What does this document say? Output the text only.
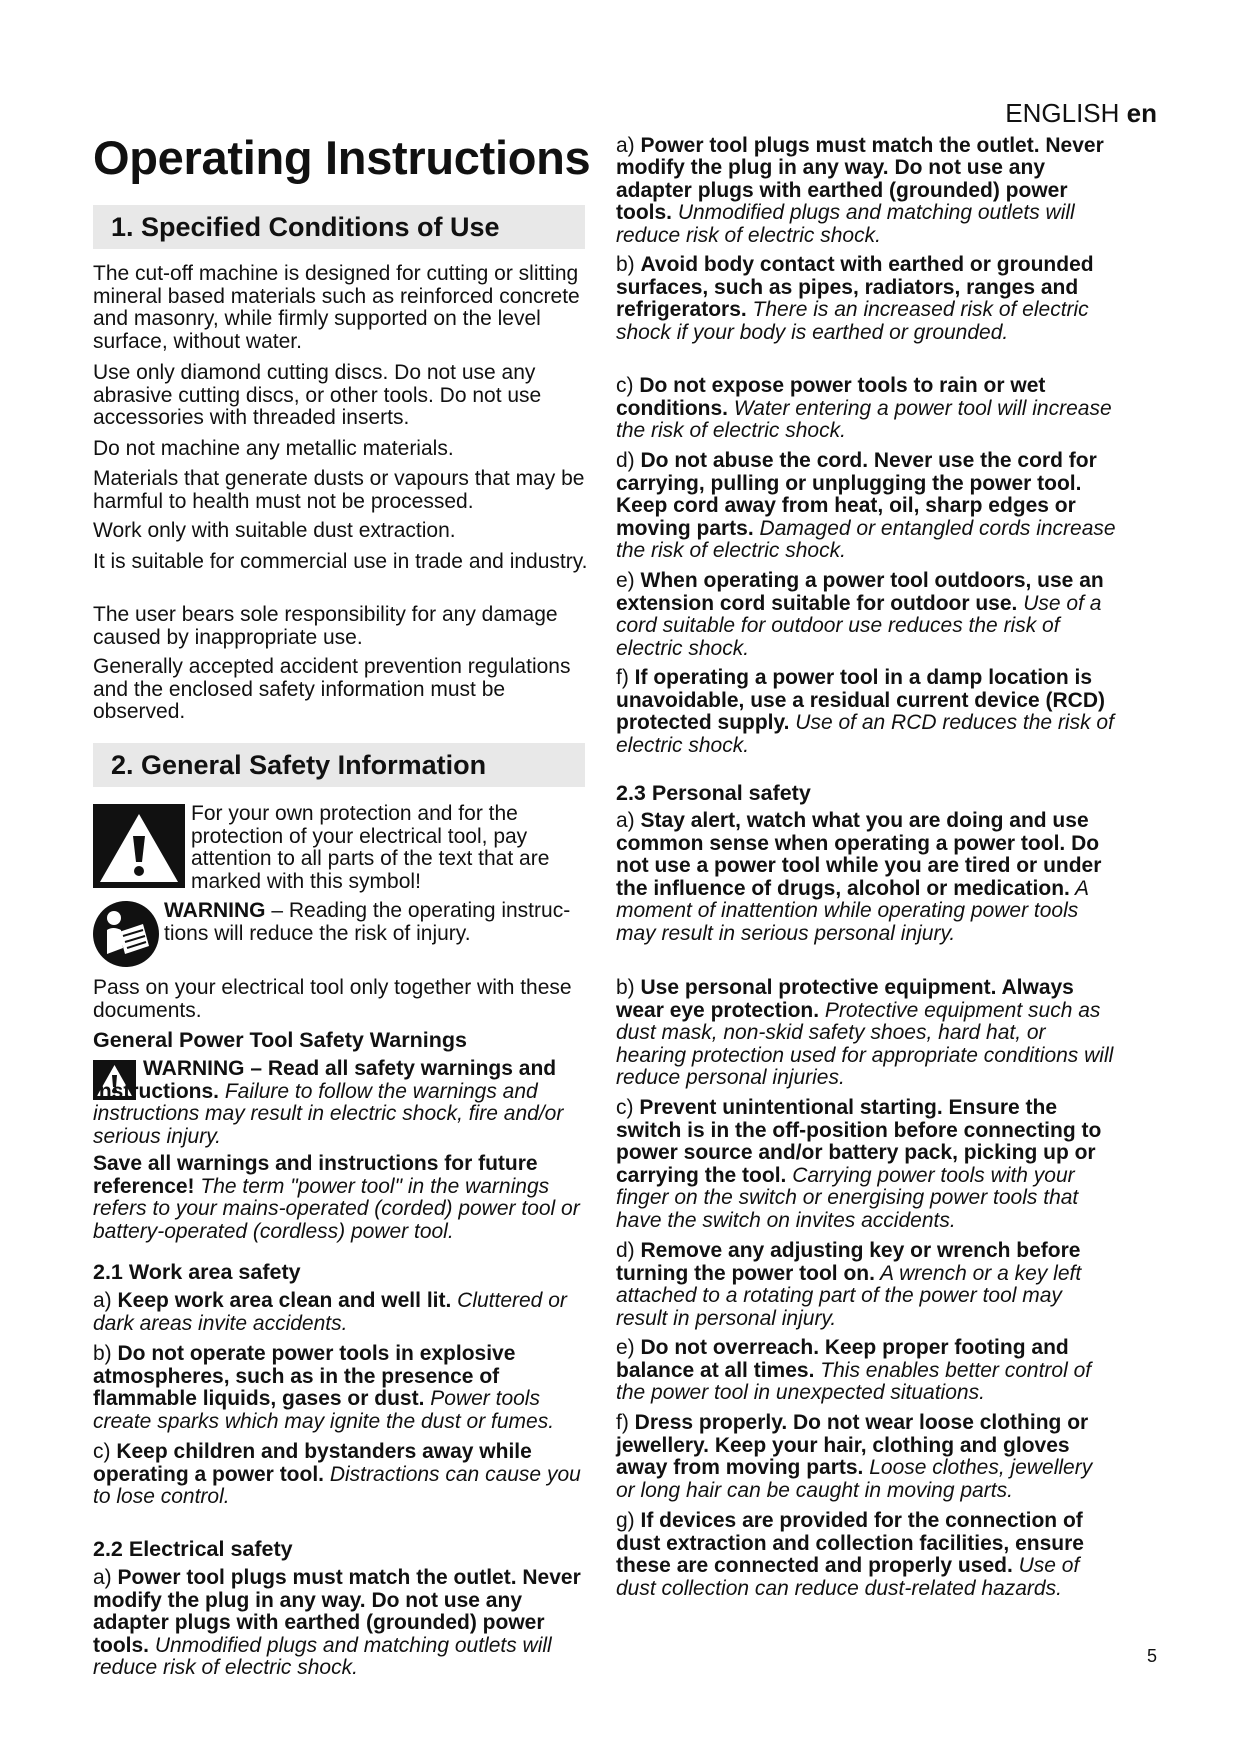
ENGLISH en
Operating Instructions
1. Specified Conditions of Use

The cut-off machine is designed for cutting or slitting mineral based materials such as reinforced concrete and masonry, while firmly supported on the level surface, without water.

Use only diamond cutting discs. Do not use any abrasive cutting discs, or other tools. Do not use accessories with threaded inserts.

Do not machine any metallic materials.

Materials that generate dusts or vapours that may be harmful to health must not be processed.

Work only with suitable dust extraction.

It is suitable for commercial use in trade and industry.

The user bears sole responsibility for any damage caused by inappropriate use.

Generally accepted accident prevention regulations and the enclosed safety information must be observed.

2. General Safety Information

For your own protection and for the protection of your electrical tool, pay attention to all parts of the text that are marked with this symbol!

WARNING – Reading the operating instruc-tions will reduce the risk of injury.

Pass on your electrical tool only together with these documents.

General Power Tool Safety Warnings

WARNING – Read all safety warnings and instructions. Failure to follow the warnings and instructions may result in electric shock, fire and/or serious injury.

Save all warnings and instructions for future reference! The term "power tool" in the warnings refers to your mains-operated (corded) power tool or battery-operated (cordless) power tool.

2.1 Work area safety

a) Keep work area clean and well lit. Cluttered or dark areas invite accidents.

b) Do not operate power tools in explosive atmospheres, such as in the presence of flammable liquids, gases or dust. Power tools create sparks which may ignite the dust or fumes.

c) Keep children and bystanders away while operating a power tool. Distractions can cause you to lose control.

2.2 Electrical safety

a) Power tool plugs must match the outlet. Never modify the plug in any way. Do not use any adapter plugs with earthed (grounded) power tools. Unmodified plugs and matching outlets will reduce risk of electric shock.

a) Power tool plugs must match the outlet. Never modify the plug in any way. Do not use any adapter plugs with earthed (grounded) power tools. Unmodified plugs and matching outlets will reduce risk of electric shock.

b) Avoid body contact with earthed or grounded surfaces, such as pipes, radiators, ranges and refrigerators. There is an increased risk of electric shock if your body is earthed or grounded.

c) Do not expose power tools to rain or wet conditions. Water entering a power tool will increase the risk of electric shock.

d) Do not abuse the cord. Never use the cord for carrying, pulling or unplugging the power tool. Keep cord away from heat, oil, sharp edges or moving parts. Damaged or entangled cords increase the risk of electric shock.

e) When operating a power tool outdoors, use an extension cord suitable for outdoor use. Use of a cord suitable for outdoor use reduces the risk of electric shock.

f) If operating a power tool in a damp location is unavoidable, use a residual current device (RCD) protected supply. Use of an RCD reduces the risk of electric shock.

2.3 Personal safety

a) Stay alert, watch what you are doing and use common sense when operating a power tool. Do not use a power tool while you are tired or under the influence of drugs, alcohol or medication. A moment of inattention while operating power tools may result in serious personal injury.

b) Use personal protective equipment. Always wear eye protection. Protective equipment such as dust mask, non-skid safety shoes, hard hat, or hearing protection used for appropriate conditions will reduce personal injuries.

c) Prevent unintentional starting. Ensure the switch is in the off-position before connecting to power source and/or battery pack, picking up or carrying the tool. Carrying power tools with your finger on the switch or energising power tools that have the switch on invites accidents.

d) Remove any adjusting key or wrench before turning the power tool on. A wrench or a key left attached to a rotating part of the power tool may result in personal injury.

e) Do not overreach. Keep proper footing and balance at all times. This enables better control of the power tool in unexpected situations.

f) Dress properly. Do not wear loose clothing or jewellery. Keep your hair, clothing and gloves away from moving parts. Loose clothes, jewellery or long hair can be caught in moving parts.

g) If devices are provided for the connection of dust extraction and collection facilities, ensure these are connected and properly used. Use of dust collection can reduce dust-related hazards.

5
